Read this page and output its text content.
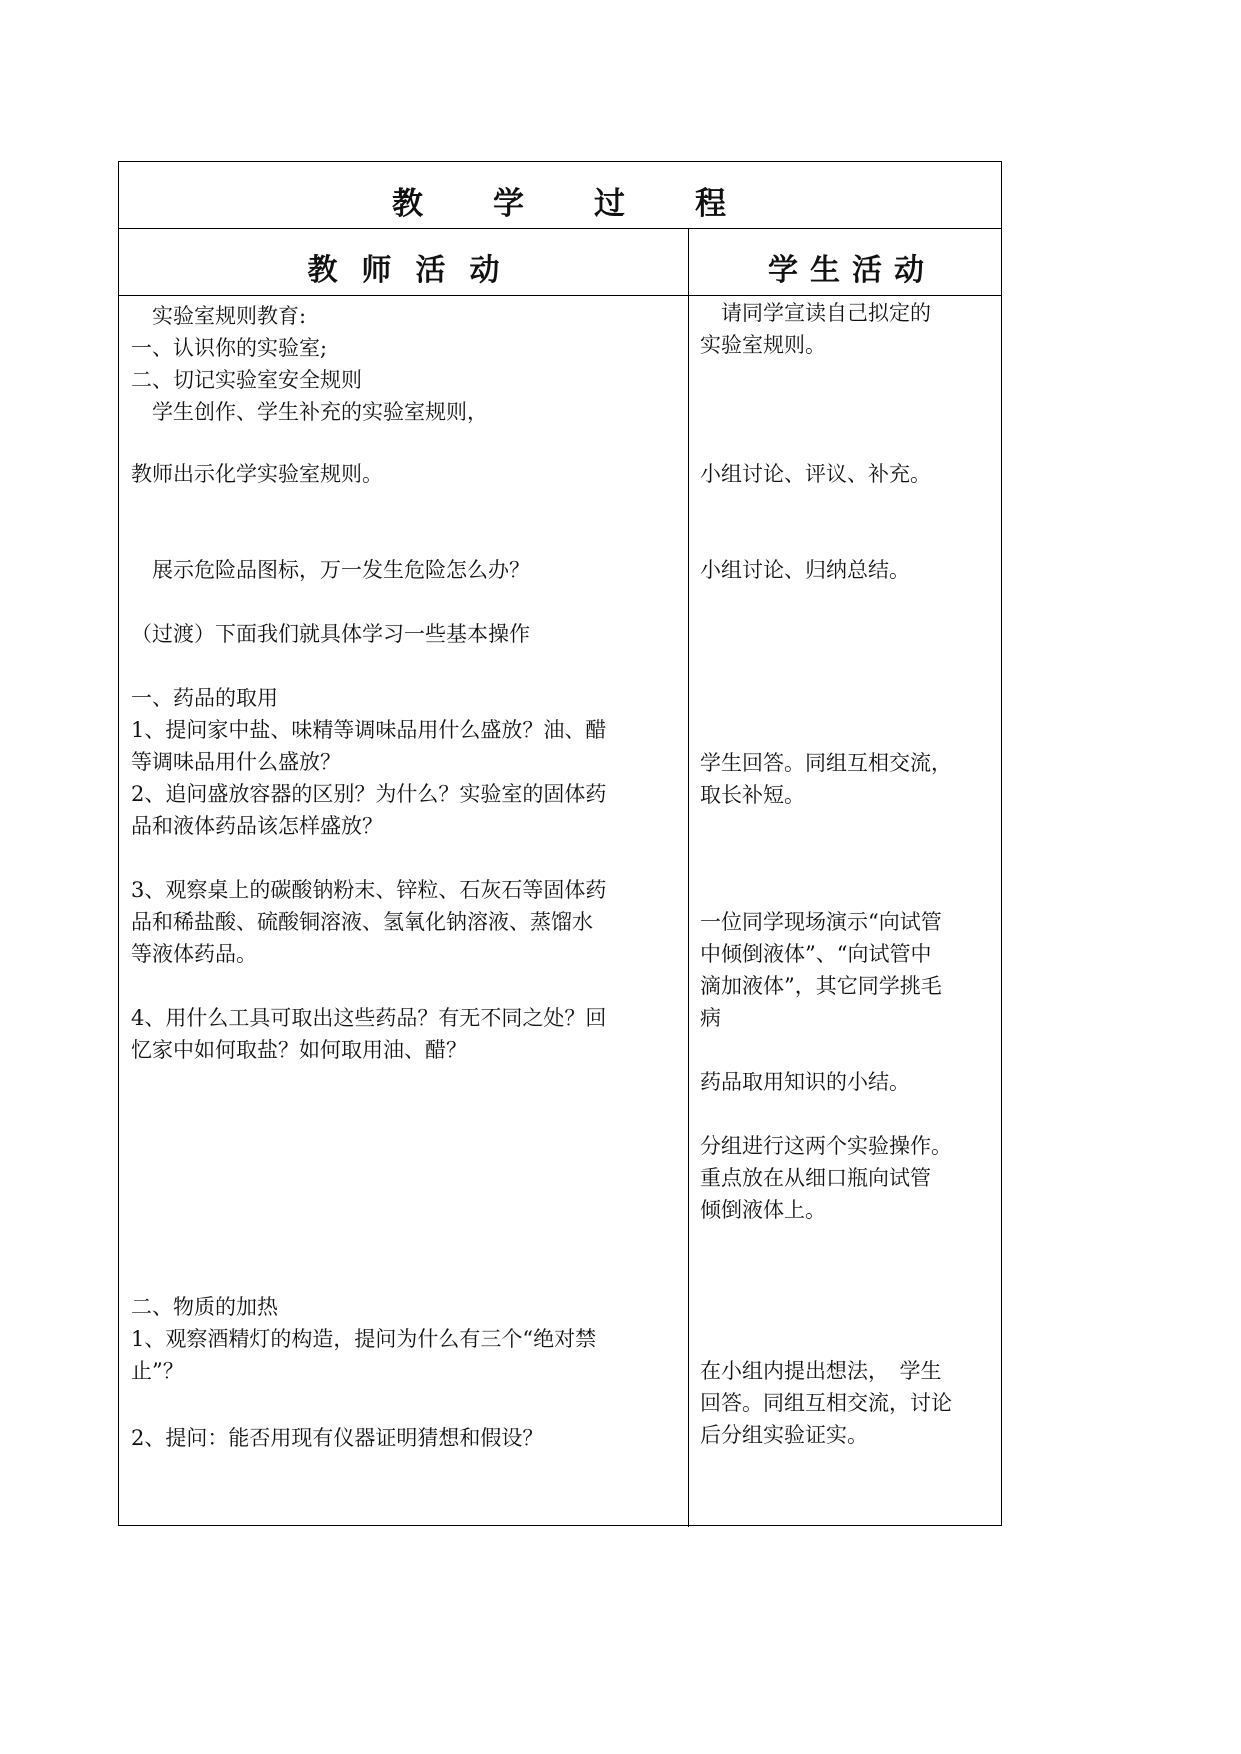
教 学 过 程
教 师 活 动	学 生 活 动
　实验室规则教育:
一、认识你的实验室;
二、切记实验室安全规则
　学生创作、学生补充的实验室规则，
教师出示化学实验室规则。
　展示危险品图标，万一发生危险怎么办？
（过渡）下面我们就具体学习一些基本操作
一、药品的取用
1、提问家中盐、味精等调味品用什么盛放？油、醋
等调味品用什么盛放？
2、追问盛放容器的区别？为什么？实验室的固体药
品和液体药品该怎样盛放？
3、观察桌上的碳酸钠粉末、锌粒、石灰石等固体药
品和稀盐酸、硫酸铜溶液、氢氧化钠溶液、蒸馏水
等液体药品。
4、用什么工具可取出这些药品？有无不同之处？回
忆家中如何取盐？如何取用油、醋？
二、物质的加热
1、观察酒精灯的构造，提问为什么有三个“绝对禁
止”？
2、提问：能否用现有仪器证明猜想和假设？
　请同学宣读自己拟定的
实验室规则。
小组讨论、评议、补充。
小组讨论、归纳总结。
学生回答。同组互相交流，
取长补短。
一位同学现场演示“向试管
中倾倒液体”、“向试管中
滴加液体”，其它同学挑毛
病
药品取用知识的小结。
分组进行这两个实验操作。
重点放在从细口瓶向试管
倾倒液体上。
在小组内提出想法，　学生
回答。同组互相交流，讨论
后分组实验证实。
